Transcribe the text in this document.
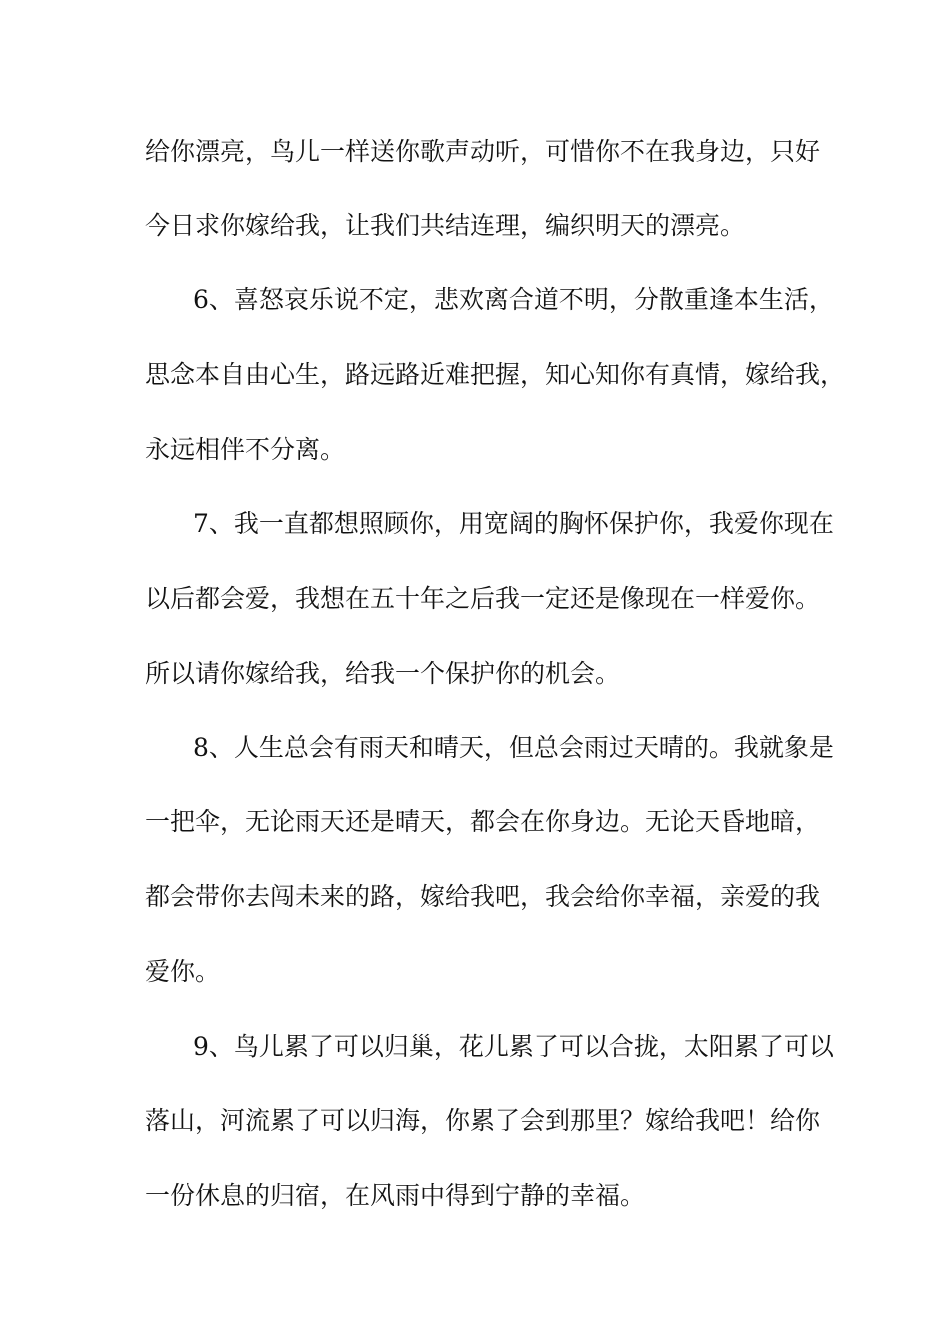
给你漂亮，鸟儿一样送你歌声动听，可惜你不在我身边，只好
今日求你嫁给我，让我们共结连理，编织明天的漂亮。
6、喜怒哀乐说不定，悲欢离合道不明，分散重逢本生活，
思念本自由心生，路远路近难把握，知心知你有真情，嫁给我，
永远相伴不分离。
7、我一直都想照顾你，用宽阔的胸怀保护你，我爱你现在
以后都会爱，我想在五十年之后我一定还是像现在一样爱你。
所以请你嫁给我，给我一个保护你的机会。
8、人生总会有雨天和晴天，但总会雨过天晴的。我就象是
一把伞，无论雨天还是晴天，都会在你身边。无论天昏地暗，
都会带你去闯未来的路，嫁给我吧，我会给你幸福，亲爱的我
爱你。
9、鸟儿累了可以归巢，花儿累了可以合拢，太阳累了可以
落山，河流累了可以归海，你累了会到那里？嫁给我吧！给你
一份休息的归宿，在风雨中得到宁静的幸福。
